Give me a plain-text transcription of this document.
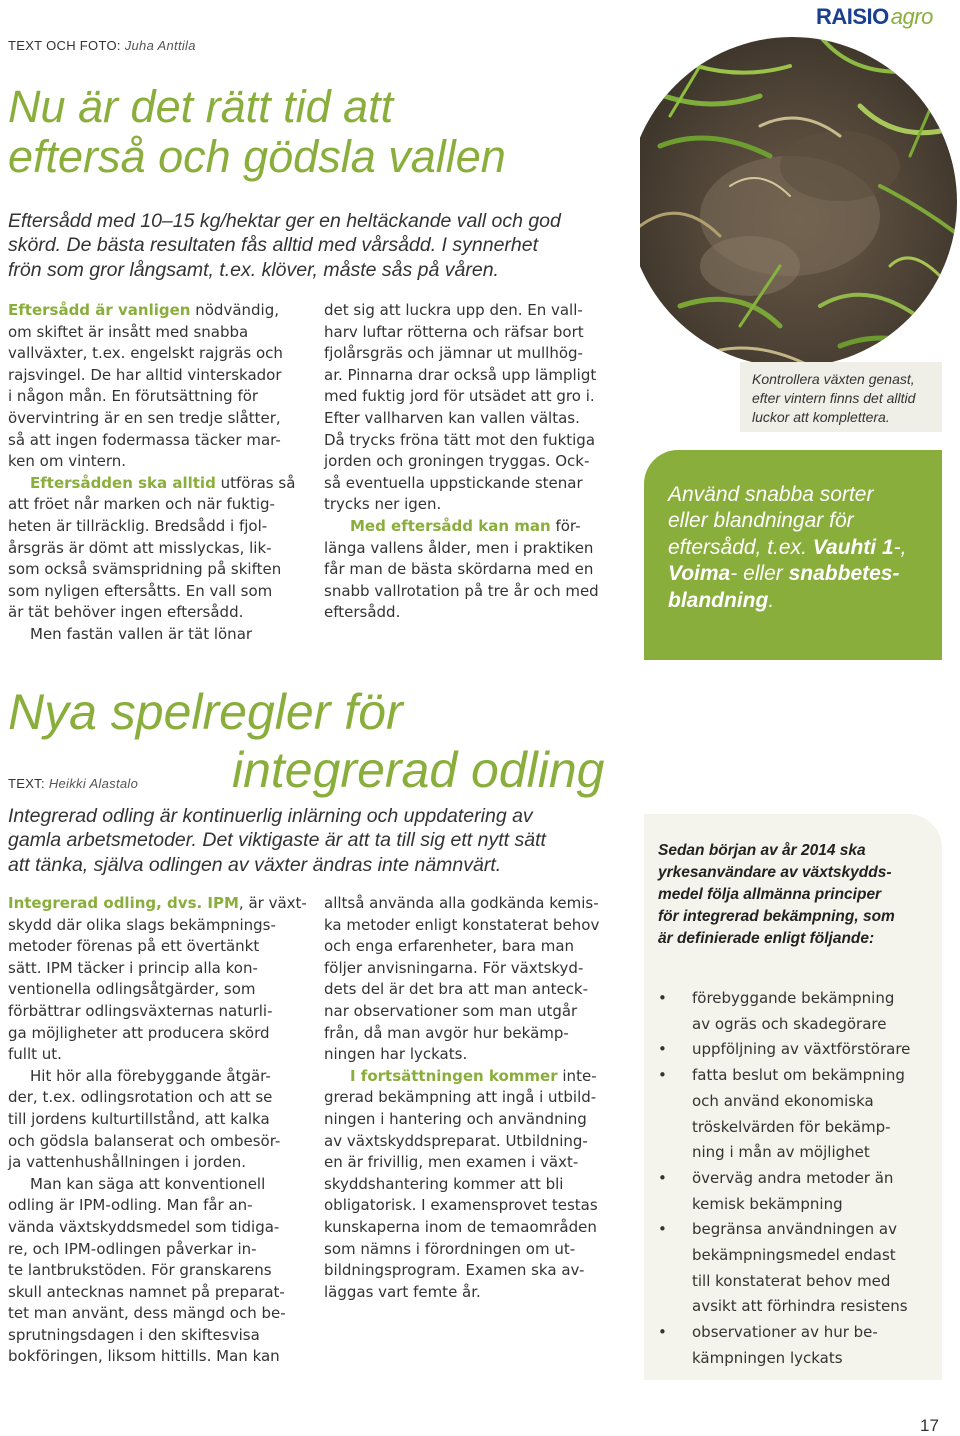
RAISIOagro
TEXT OCH FOTO: Juha Anttila
Nu är det rätt tid att
efterså och gödsla vallen
Eftersådd med 10–15 kg/hektar ger en heltäckande vall och god
skörd. De bästa resultaten fås alltid med vårsådd. I synnerhet
frön som gror långsamt, t.ex. klöver, måste sås på våren.

Eftersådd är vanligen nödvändig,
om skiftet är insått med snabba
vallväxter, t.ex. engelskt rajgräs och
rajsvingel. De har alltid vinterskador
i någon mån. En förutsättning för
övervintring är en sen tredje slåtter,
så att ingen fodermassa täcker mar-
ken om vintern.

Eftersådden ska alltid utföras så
att fröet når marken och när fuktig-
heten är tillräcklig. Bredsådd i fjol-
årsgräs är dömt att misslyckas, lik-
som också svämspridning på skiften
som nyligen eftersåtts. En vall som
är tät behöver ingen eftersådd.

Men fastän vallen är tät lönar

det sig att luckra upp den. En vall-
harv luftar rötterna och räfsar bort
fjolårsgräs och jämnar ut mullhög-
ar. Pinnarna drar också upp lämpligt
med fuktig jord för utsädet att gro i.
Efter vallharven kan vallen vältas.
Då trycks fröna tätt mot den fuktiga
jorden och groningen tryggas. Ock-
så eventuella uppstickande stenar
trycks ner igen.

Med eftersådd kan man för-
länga vallens ålder, men i praktiken
får man de bästa skördarna med en
snabb vallrotation på tre år och med
eftersådd.

Kontrollera växten genast,
efter vintern finns det alltid
luckor att komplettera.
Använd snabba sorter
eller blandningar för
eftersådd, t.ex. Vauhti 1-,
Voima- eller snabbetes-
blandning.
Nya spelregler för
integrerad odling
TEXT: Heikki Alastalo
Integrerad odling är kontinuerlig inlärning och uppdatering av
gamla arbetsmetoder. Det viktigaste är att ta till sig ett nytt sätt
att tänka, själva odlingen av växter ändras inte nämnvärt.

Integrerad odling, dvs. IPM, är växt-
skydd där olika slags bekämpnings-
metoder förenas på ett övertänkt
sätt. IPM täcker i princip alla kon-
ventionella odlingsåtgärder, som
förbättrar odlingsväxternas naturli-
ga möjligheter att producera skörd
fullt ut.

Hit hör alla förebyggande åtgär-
der, t.ex. odlingsrotation och att se
till jordens kulturtillstånd, att kalka
och gödsla balanserat och ombesör-
ja vattenhushållningen i jorden.

Man kan säga att konventionell
odling är IPM-odling. Man får an-
vända växtskyddsmedel som tidiga-
re, och IPM-odlingen påverkar in-
te lantbrukstöden. För granskarens
skull antecknas namnet på preparat-
tet man använt, dess mängd och be-
sprutningsdagen i den skiftesvisa
bokföringen, liksom hittills. Man kan

alltså använda alla godkända kemis-
ka metoder enligt konstaterat behov
och enga erfarenheter, bara man
följer anvisningarna. För växtskyd-
dets del är det bra att man anteck-
nar observationer som man utgår
från, då man avgör hur bekämp-
ningen har lyckats.

I fortsättningen kommer inte-
grerad bekämpning att ingå i utbild-
ningen i hantering och användning
av växtskyddspreparat. Utbildning-
en är frivillig, men examen i växt-
skyddshantering kommer att bli
obligatorisk. I examensprovet testas
kunskaperna inom de temaområden
som nämns i förordningen om ut-
bildningsprogram. Examen ska av-
läggas vart femte år.

Sedan början av år 2014 ska
yrkesanvändare av växtskydds-
medel följa allmänna principer
för integrerad bekämpning, som
är definierade enligt följande:

• förebyggande bekämpning
av ogräs och skadegörare
• uppföljning av växtförstörare
• fatta beslut om bekämpning
och använd ekonomiska
tröskelvärden för bekämp-
ning i mån av möjlighet
• överväg andra metoder än
kemisk bekämpning
• begränsa användningen av
bekämpningsmedel endast
till konstaterat behov med
avsikt att förhindra resistens
• observationer av hur be-
kämpningen lyckats
17
